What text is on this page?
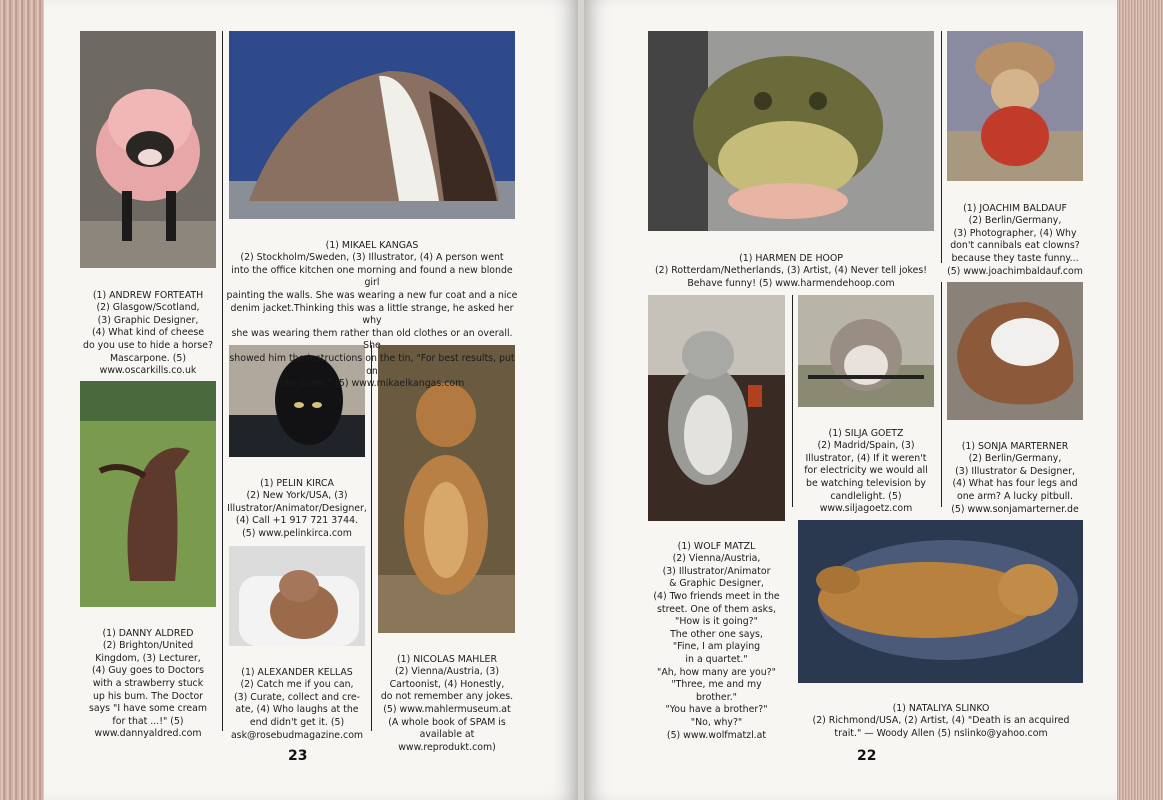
(1) ANDREW FORTEATH
(2) Glasgow/Scotland,
(3) Graphic Designer,
(4) What kind of cheese
do you use to hide a horse?
Mascarpone. (5)
www.oscarkills.co.uk

(1) MIKAEL KANGAS
(2) Stockholm/Sweden, (3) Illustrator, (4) A person went
into the office kitchen one morning and found a new blonde girl
painting the walls. She was wearing a new fur coat and a nice
denim jacket.Thinking this was a little strange, he asked her why
she was wearing them rather than old clothes or an overall. She
showed him the instructions on the tin, "For best results, put on
two coats." (5) www.mikaelkangas.com

(1) PELIN KIRCA
(2) New York/USA, (3)
Illustrator/Animator/Designer,
(4) Call +1 917 721 3744.
(5) www.pelinkirca.com

(1) DANNY ALDRED
(2) Brighton/United
Kingdom, (3) Lecturer,
(4) Guy goes to Doctors
with a strawberry stuck
up his bum. The Doctor
says "I have some cream
for that ...!" (5)
www.dannyaldred.com

(1) ALEXANDER KELLAS
(2) Catch me if you can,
(3) Curate, collect and cre-
ate, (4) Who laughs at the
end didn't get it. (5)
ask@rosebudmagazine.com

(1) NICOLAS MAHLER
(2) Vienna/Austria, (3)
Cartoonist, (4) Honestly,
do not remember any jokes.
(5) www.mahlermuseum.at
(A whole book of SPAM is
available at www.reprodukt.com)

23

(1) HARMEN DE HOOP
(2) Rotterdam/Netherlands, (3) Artist, (4) Never tell jokes!
Behave funny! (5) www.harmendehoop.com

(1) JOACHIM BALDAUF
(2) Berlin/Germany,
(3) Photographer, (4) Why
don't cannibals eat clowns?
because they taste funny...
(5) www.joachimbaldauf.com

(1) SILJA GOETZ
(2) Madrid/Spain, (3)
Illustrator, (4) If it weren't
for electricity we would all
be watching television by
candlelight. (5)
www.siljagoetz.com

(1) SONJA MARTERNER
(2) Berlin/Germany,
(3) Illustrator & Designer,
(4) What has four legs and
one arm? A lucky pitbull.
(5) www.sonjamarterner.de

(1) WOLF MATZL
(2) Vienna/Austria,
(3) Illustrator/Animator
& Graphic Designer,
(4) Two friends meet in the
street. One of them asks,
"How is it going?"
The other one says,
"Fine, I am playing
in a quartet."
"Ah, how many are you?"
"Three, me and my
brother."
"You have a brother?"
"No, why?"
(5) www.wolfmatzl.at

(1) NATALIYA SLINKO
(2) Richmond/USA, (2) Artist, (4) "Death is an acquired
trait." — Woody Allen (5) nslinko@yahoo.com

22
